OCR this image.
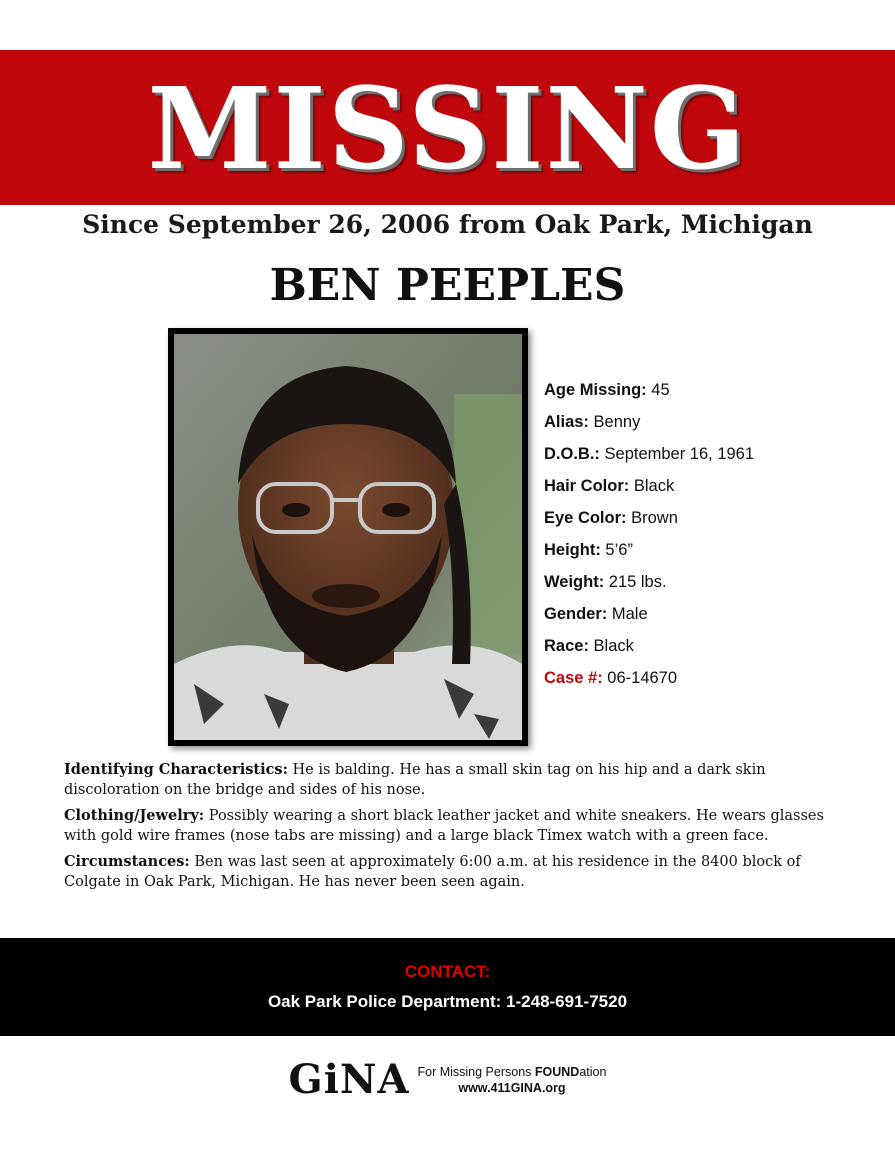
MISSING
Since September 26, 2006 from Oak Park, Michigan
BEN PEEPLES
Age Missing: 45
Alias: Benny
D.O.B.: September 16, 1961
Hair Color: Black
Eye Color: Brown
Height: 5’6”
Weight: 215 lbs.
Gender: Male
Race: Black
Case #: 06-14670

Identifying Characteristics: He is balding. He has a small skin tag on his hip and a dark skin discoloration on the bridge and sides of his nose.

Clothing/Jewelry: Possibly wearing a short black leather jacket and white sneakers. He wears glasses with gold wire frames (nose tabs are missing) and a large black Timex watch with a green face.

Circumstances: Ben was last seen at approximately 6:00 a.m. at his residence in the 8400 block of Colgate in Oak Park, Michigan. He has never been seen again.

CONTACT:
Oak Park Police Department: 1-248-691-7520
GiNA For Missing Persons FOUNDation
www.411GINA.org
